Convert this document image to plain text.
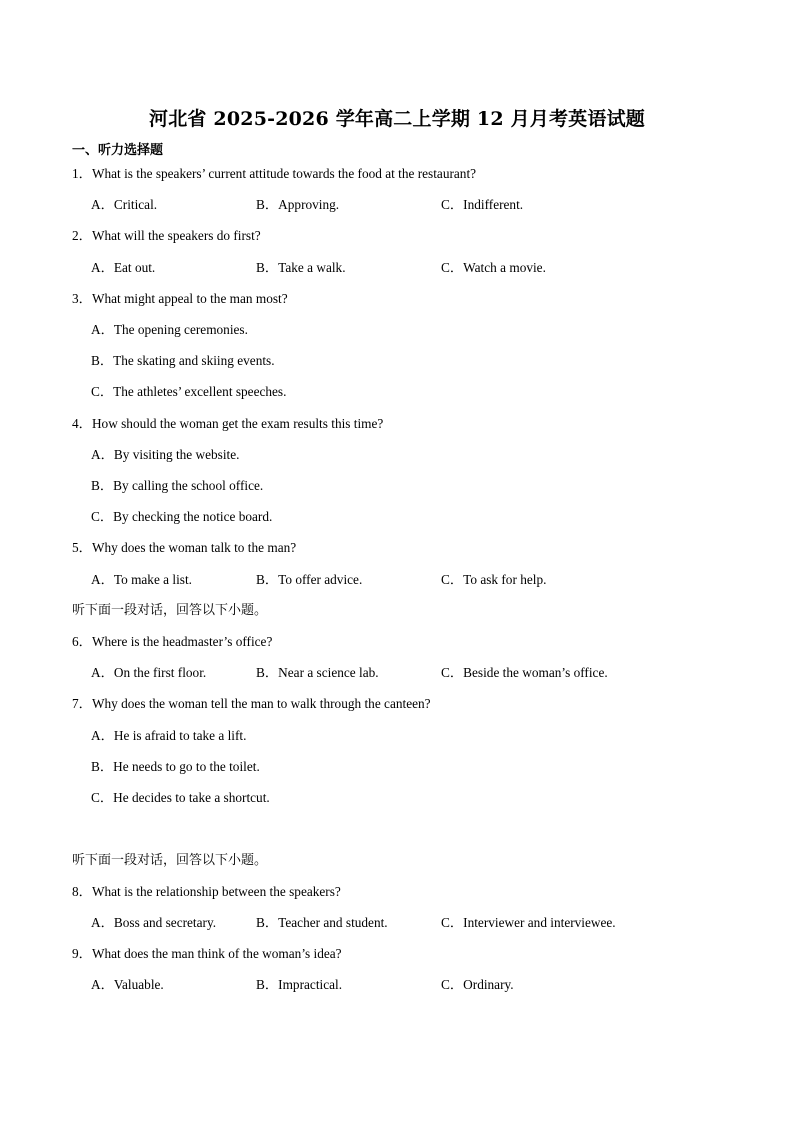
河北省 2025-2026 学年高二上学期 12 月月考英语试题
一、听力选择题
1．What is the speakers’ current attitude towards the food at the restaurant?
A．Critical.	B．Approving.	C．Indifferent.
2．What will the speakers do first?
A．Eat out.	B．Take a walk.	C．Watch a movie.
3．What might appeal to the man most?
A．The opening ceremonies.
B．The skating and skiing events.
C．The athletes’ excellent speeches.
4．How should the woman get the exam results this time?
A．By visiting the website.
B．By calling the school office.
C．By checking the notice board.
5．Why does the woman talk to the man?
A．To make a list.	B．To offer advice.	C．To ask for help.
听下面一段对话，回答以下小题。
6．Where is the headmaster’s office?
A．On the first floor.	B．Near a science lab.	C．Beside the woman’s office.
7．Why does the woman tell the man to walk through the canteen?
A．He is afraid to take a lift.
B．He needs to go to the toilet.
C．He decides to take a shortcut.
听下面一段对话，回答以下小题。
8．What is the relationship between the speakers?
A．Boss and secretary.	B．Teacher and student.	C．Interviewer and interviewee.
9．What does the man think of the woman’s idea?
A．Valuable.	B．Impractical.	C．Ordinary.
